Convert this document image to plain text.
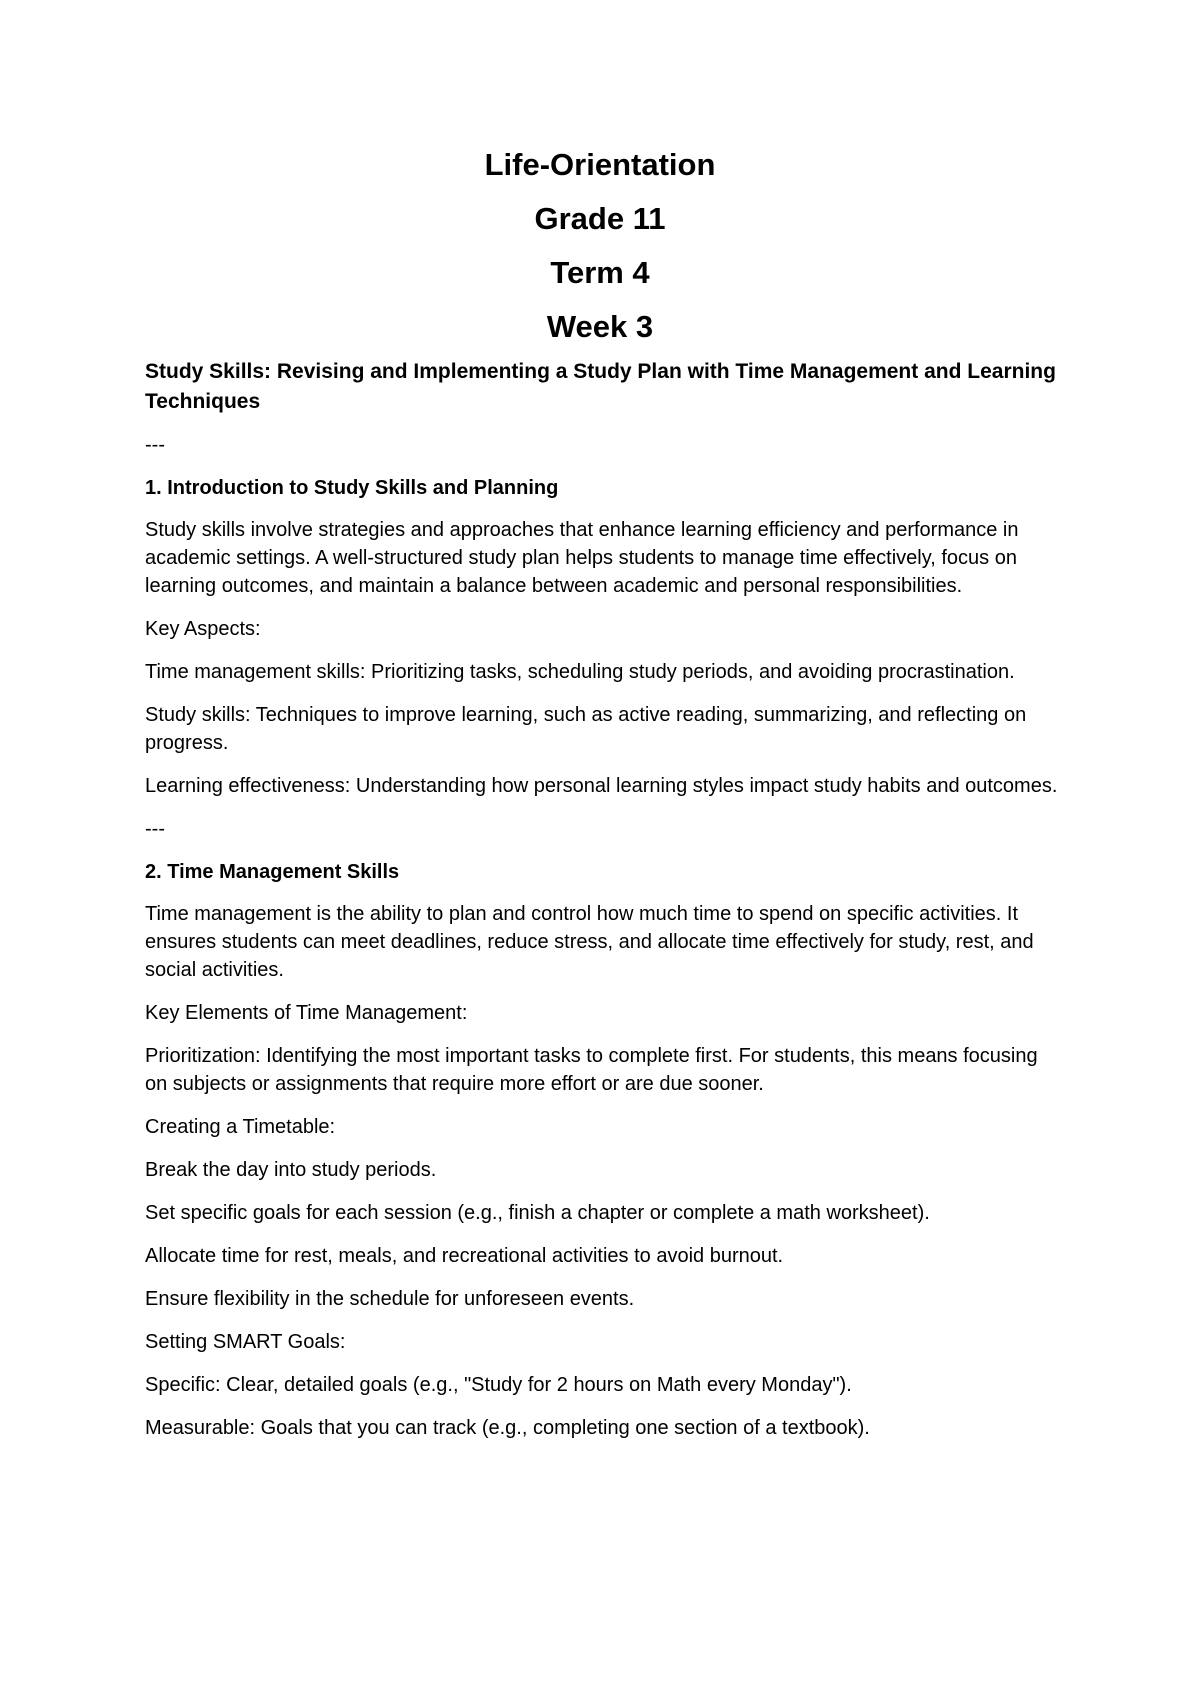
Life-Orientation

Grade 11

Term 4

Week 3

Study Skills: Revising and Implementing a Study Plan with Time Management and Learning Techniques

---

1. Introduction to Study Skills and Planning

Study skills involve strategies and approaches that enhance learning efficiency and performance in academic settings. A well-structured study plan helps students to manage time effectively, focus on learning outcomes, and maintain a balance between academic and personal responsibilities.

Key Aspects:

Time management skills: Prioritizing tasks, scheduling study periods, and avoiding procrastination.

Study skills: Techniques to improve learning, such as active reading, summarizing, and reflecting on progress.

Learning effectiveness: Understanding how personal learning styles impact study habits and outcomes.

---

2. Time Management Skills

Time management is the ability to plan and control how much time to spend on specific activities. It ensures students can meet deadlines, reduce stress, and allocate time effectively for study, rest, and social activities.

Key Elements of Time Management:

Prioritization: Identifying the most important tasks to complete first. For students, this means focusing on subjects or assignments that require more effort or are due sooner.

Creating a Timetable:

Break the day into study periods.

Set specific goals for each session (e.g., finish a chapter or complete a math worksheet).

Allocate time for rest, meals, and recreational activities to avoid burnout.

Ensure flexibility in the schedule for unforeseen events.

Setting SMART Goals:

Specific: Clear, detailed goals (e.g., "Study for 2 hours on Math every Monday").

Measurable: Goals that you can track (e.g., completing one section of a textbook).
